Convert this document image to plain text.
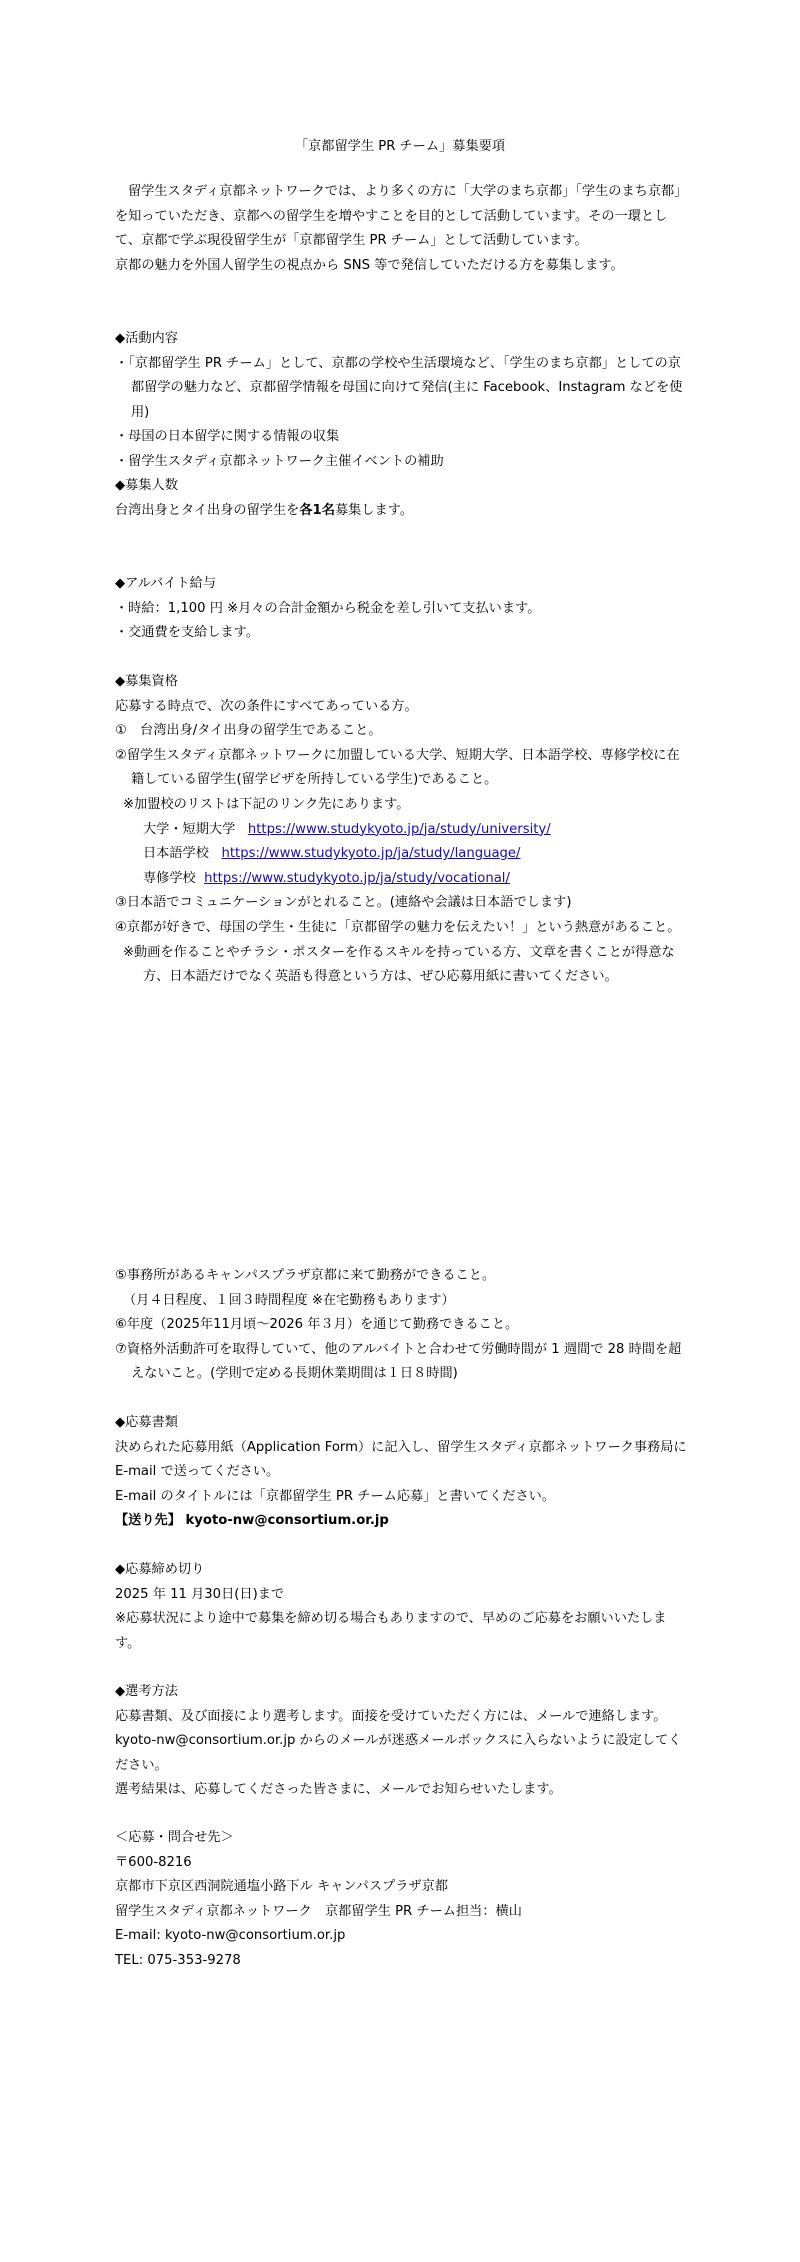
「京都留学生 PR チーム」募集要項

留学生スタディ京都ネットワークでは、より多くの方に「大学のまち京都」「学生のまち京都」を知っていただき、京都への留学生を増やすことを目的として活動しています。その一環として、京都で学ぶ現役留学生が「京都留学生 PR チーム」として活動しています。

京都の魅力を外国人留学生の視点から SNS 等で発信していただける方を募集します。

◆活動内容

・「京都留学生 PR チーム」として、京都の学校や生活環境など、「学生のまち京都」としての京都留学の魅力など、京都留学情報を母国に向けて発信(主に Facebook、Instagram などを使用)

・母国の日本留学に関する情報の収集

・留学生スタディ京都ネットワーク主催イベントの補助

◆募集人数

台湾出身とタイ出身の留学生を各1名募集します。

◆アルバイト給与

・時給：1,100 円 ※月々の合計金額から税金を差し引いて支払います。

・交通費を支給します。

◆募集資格

応募する時点で、次の条件にすべてあっている方。

①　台湾出身/タイ出身の留学生であること。

②留学生スタディ京都ネットワークに加盟している大学、短期大学、日本語学校、専修学校に在籍している留学生(留学ビザを所持している学生)であること。

※加盟校のリストは下記のリンク先にあります。

大学・短期大学 https://www.studykyoto.jp/ja/study/university/
日本語学校 https://www.studykyoto.jp/ja/study/language/
専修学校 https://www.studykyoto.jp/ja/study/vocational/

③日本語でコミュニケーションがとれること。(連絡や会議は日本語でします)

④京都が好きで、母国の学生・生徒に「京都留学の魅力を伝えたい！」という熱意があること。

※動画を作ることやチラシ・ポスターを作るスキルを持っている方、文章を書くことが得意な方、日本語だけでなく英語も得意という方は、ぜひ応募用紙に書いてください。

⑤事務所があるキャンパスプラザ京都に来て勤務ができること。

（月４日程度、１回３時間程度 ※在宅勤務もあります）

⑥年度（2025年11月頃～2026 年３月）を通じて勤務できること。

⑦資格外活動許可を取得していて、他のアルバイトと合わせて労働時間が 1 週間で 28 時間を超えないこと。(学則で定める長期休業期間は１日８時間)

◆応募書類

決められた応募用紙（Application Form）に記入し、留学生スタディ京都ネットワーク事務局に E-mail で送ってください。

E-mail のタイトルには「京都留学生 PR チーム応募」と書いてください。

【送り先】 kyoto-nw@consortium.or.jp

◆応募締め切り

2025 年 11 月30日(日)まで

※応募状況により途中で募集を締め切る場合もありますので、早めのご応募をお願いいたします。

◆選考方法

応募書類、及び面接により選考します。面接を受けていただく方には、メールで連絡します。kyoto-nw@consortium.or.jp からのメールが迷惑メールボックスに入らないように設定してください。

選考結果は、応募してくださった皆さまに、メールでお知らせいたします。

＜応募・問合せ先＞

〒600-8216

京都市下京区西洞院通塩小路下ル キャンパスプラザ京都

留学生スタディ京都ネットワーク　京都留学生 PR チーム担当：横山

E-mail: kyoto-nw@consortium.or.jp

TEL: 075-353-9278
